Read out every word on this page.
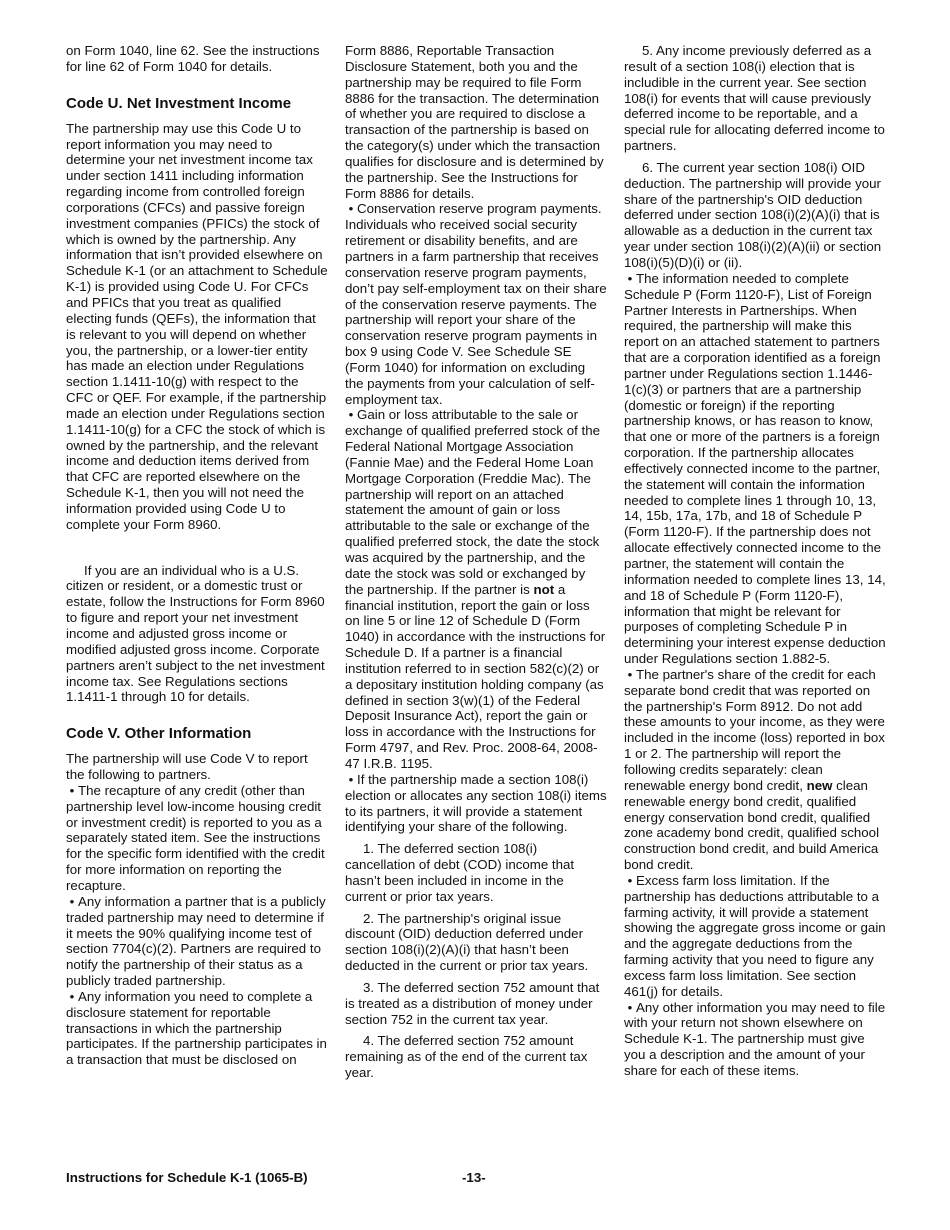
on Form 1040, line 62. See the instructions for line 62 of Form 1040 for details.

Code U. Net Investment Income

The partnership may use this Code U to report information you may need to determine your net investment income tax under section 1411 including information regarding income from controlled foreign corporations (CFCs) and passive foreign investment companies (PFICs) the stock of which is owned by the partnership. Any information that isn’t provided elsewhere on Schedule K-1 (or an attachment to Schedule K-1) is provided using Code U. For CFCs and PFICs that you treat as qualified electing funds (QEFs), the information that is relevant to you will depend on whether you, the partnership, or a lower-tier entity has made an election under Regulations section 1.1411-10(g) with respect to the CFC or QEF. For example, if the partnership made an election under Regulations section 1.1411-10(g) for a CFC the stock of which is owned by the partnership, and the relevant income and deduction items derived from that CFC are reported elsewhere on the Schedule K-1, then you will not need the information provided using Code U to complete your Form 8960.

If you are an individual who is a U.S. citizen or resident, or a domestic trust or estate, follow the Instructions for Form 8960 to figure and report your net investment income and adjusted gross income or modified adjusted gross income. Corporate partners aren’t subject to the net investment income tax. See Regulations sections 1.1411-1 through 10 for details.

Code V. Other Information

The partnership will use Code V to report the following to partners.

• The recapture of any credit (other than partnership level low-income housing credit or investment credit) is reported to you as a separately stated item. See the instructions for the specific form identified with the credit for more information on reporting the recapture.

• Any information a partner that is a publicly traded partnership may need to determine if it meets the 90% qualifying income test of section 7704(c)(2). Partners are required to notify the partnership of their status as a publicly traded partnership.

• Any information you need to complete a disclosure statement for reportable transactions in which the partnership participates. If the partnership participates in a transaction that must be disclosed on

Form 8886, Reportable Transaction Disclosure Statement, both you and the partnership may be required to file Form 8886 for the transaction. The determination of whether you are required to disclose a transaction of the partnership is based on the category(s) under which the transaction qualifies for disclosure and is determined by the partnership. See the Instructions for Form 8886 for details.

• Conservation reserve program payments. Individuals who received social security retirement or disability benefits, and are partners in a farm partnership that receives conservation reserve program payments, don’t pay self-employment tax on their share of the conservation reserve payments. The partnership will report your share of the conservation reserve program payments in box 9 using Code V. See Schedule SE (Form 1040) for information on excluding the payments from your calculation of self-employment tax.

• Gain or loss attributable to the sale or exchange of qualified preferred stock of the Federal National Mortgage Association (Fannie Mae) and the Federal Home Loan Mortgage Corporation (Freddie Mac). The partnership will report on an attached statement the amount of gain or loss attributable to the sale or exchange of the qualified preferred stock, the date the stock was acquired by the partnership, and the date the stock was sold or exchanged by the partnership. If the partner is not a financial institution, report the gain or loss on line 5 or line 12 of Schedule D (Form 1040) in accordance with the instructions for Schedule D. If a partner is a financial institution referred to in section 582(c)(2) or a depositary institution holding company (as defined in section 3(w)(1) of the Federal Deposit Insurance Act), report the gain or loss in accordance with the Instructions for Form 4797, and Rev. Proc. 2008-64, 2008-47 I.R.B. 1195.

• If the partnership made a section 108(i) election or allocates any section 108(i) items to its partners, it will provide a statement identifying your share of the following.

1. The deferred section 108(i) cancellation of debt (COD) income that hasn’t been included in income in the current or prior tax years.

2. The partnership's original issue discount (OID) deduction deferred under section 108(i)(2)(A)(i) that hasn’t been deducted in the current or prior tax years.

3. The deferred section 752 amount that is treated as a distribution of money under section 752 in the current tax year.

4. The deferred section 752 amount remaining as of the end of the current tax year.

5. Any income previously deferred as a result of a section 108(i) election that is includible in the current year. See section 108(i) for events that will cause previously deferred income to be reportable, and a special rule for allocating deferred income to partners.

6. The current year section 108(i) OID deduction. The partnership will provide your share of the partnership's OID deduction deferred under section 108(i)(2)(A)(i) that is allowable as a deduction in the current tax year under section 108(i)(2)(A)(ii) or section 108(i)(5)(D)(i) or (ii).

• The information needed to complete Schedule P (Form 1120-F), List of Foreign Partner Interests in Partnerships. When required, the partnership will make this report on an attached statement to partners that are a corporation identified as a foreign partner under Regulations section 1.1446-1(c)(3) or partners that are a partnership (domestic or foreign) if the reporting partnership knows, or has reason to know, that one or more of the partners is a foreign corporation. If the partnership allocates effectively connected income to the partner, the statement will contain the information needed to complete lines 1 through 10, 13, 14, 15b, 17a, 17b, and 18 of Schedule P (Form 1120-F). If the partnership does not allocate effectively connected income to the partner, the statement will contain the information needed to complete lines 13, 14, and 18 of Schedule P (Form 1120-F), information that might be relevant for purposes of completing Schedule P in determining your interest expense deduction under Regulations section 1.882-5.

• The partner's share of the credit for each separate bond credit that was reported on the partnership's Form 8912. Do not add these amounts to your income, as they were included in the income (loss) reported in box 1 or 2. The partnership will report the following credits separately: clean renewable energy bond credit, new clean renewable energy bond credit, qualified energy conservation bond credit, qualified zone academy bond credit, qualified school construction bond credit, and build America bond credit.

• Excess farm loss limitation. If the partnership has deductions attributable to a farming activity, it will provide a statement showing the aggregate gross income or gain and the aggregate deductions from the farming activity that you need to figure any excess farm loss limitation. See section 461(j) for details.

• Any other information you may need to file with your return not shown elsewhere on Schedule K-1. The partnership must give you a description and the amount of your share for each of these items.

Instructions for Schedule K-1 (1065-B)	-13-
